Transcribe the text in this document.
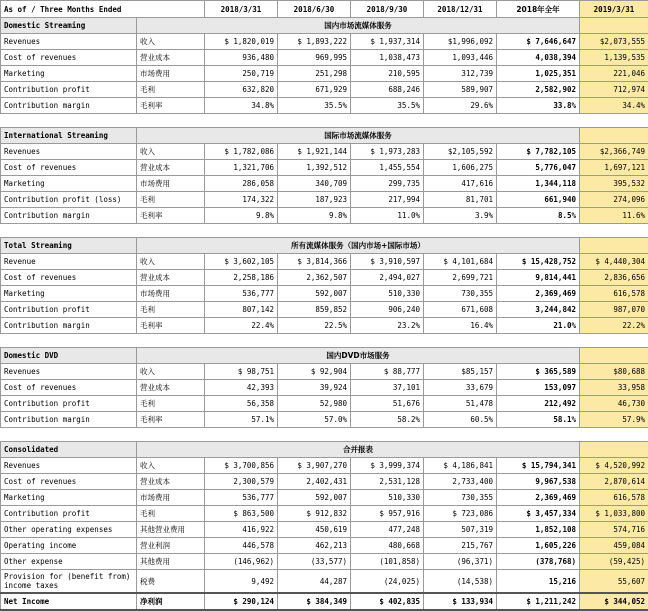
As of / Three Months Ended		2018/3/31	2018/6/30	2018/9/30	2018/12/31	2018年全年	2019/3/31
Domestic Streaming	国内市场流媒体服务						
Revenues	收入	$ 1,820,019	$ 1,893,222	$ 1,937,314	$1,996,092	$ 7,646,647	$2,073,555
Cost of revenues	营业成本	936,480	969,995	1,038,473	1,093,446	4,038,394	1,139,535
Marketing	市场费用	250,719	251,298	210,595	312,739	1,025,351	221,046
Contribution profit	毛利	632,820	671,929	688,246	589,907	2,582,902	712,974
Contribution margin	毛利率	34.8%	35.5%	35.5%	29.6%	33.8%	34.4%

International Streaming	国际市场流媒体服务						
Revenues	收入	$ 1,782,086	$ 1,921,144	$ 1,973,283	$2,105,592	$ 7,782,105	$2,366,749
Cost of revenues	营业成本	1,321,706	1,392,512	1,455,554	1,606,275	5,776,047	1,697,121
Marketing	市场费用	286,058	340,709	299,735	417,616	1,344,118	395,532
Contribution profit (loss)	毛利	174,322	187,923	217,994	81,701	661,940	274,096
Contribution margin	毛利率	9.8%	9.8%	11.0%	3.9%	8.5%	11.6%

Total Streaming	所有流媒体服务（国内市场+国际市场）						
Revenue	收入	$ 3,602,105	$ 3,814,366	$ 3,910,597	$ 4,101,684	$ 15,428,752	$ 4,440,304
Cost of revenues	营业成本	2,258,186	2,362,507	2,494,027	2,699,721	9,814,441	2,836,656
Marketing	市场费用	536,777	592,007	510,330	730,355	2,369,469	616,578
Contribution profit	毛利	807,142	859,852	906,240	671,608	3,244,842	987,070
Contribution margin	毛利率	22.4%	22.5%	23.2%	16.4%	21.0%	22.2%

Domestic DVD	国内DVD市场服务						
Revenues	收入	$ 98,751	$ 92,904	$ 88,777	$85,157	$ 365,589	$80,688
Cost of revenues	营业成本	42,393	39,924	37,101	33,679	153,097	33,958
Contribution profit	毛利	56,358	52,980	51,676	51,478	212,492	46,730
Contribution margin	毛利率	57.1%	57.0%	58.2%	60.5%	58.1%	57.9%

Consolidated	合并报表						
Revenues	收入	$ 3,700,856	$ 3,907,270	$ 3,999,374	$ 4,186,841	$ 15,794,341	$ 4,520,992
Cost of revenues	营业成本	2,300,579	2,402,431	2,531,128	2,733,400	9,967,538	2,870,614
Marketing	市场费用	536,777	592,007	510,330	730,355	2,369,469	616,578
Contribution profit	毛利	$ 863,500	$ 912,832	$ 957,916	$ 723,086	$ 3,457,334	$ 1,033,800
Other operating expenses	其他营业费用	416,922	450,619	477,248	507,319	1,852,108	574,716
Operating income	营业利润	446,578	462,213	480,668	215,767	1,605,226	459,084
Other expense	其他费用	(146,962)	(33,577)	(101,858)	(96,371)	(378,768)	(59,425)
Provision for (benefit from) income taxes	税费	9,492	44,287	(24,025)	(14,538)	15,216	55,607
Net Income	净利润	$ 290,124	$ 384,349	$ 402,835	$ 133,934	$ 1,211,242	$ 344,052
